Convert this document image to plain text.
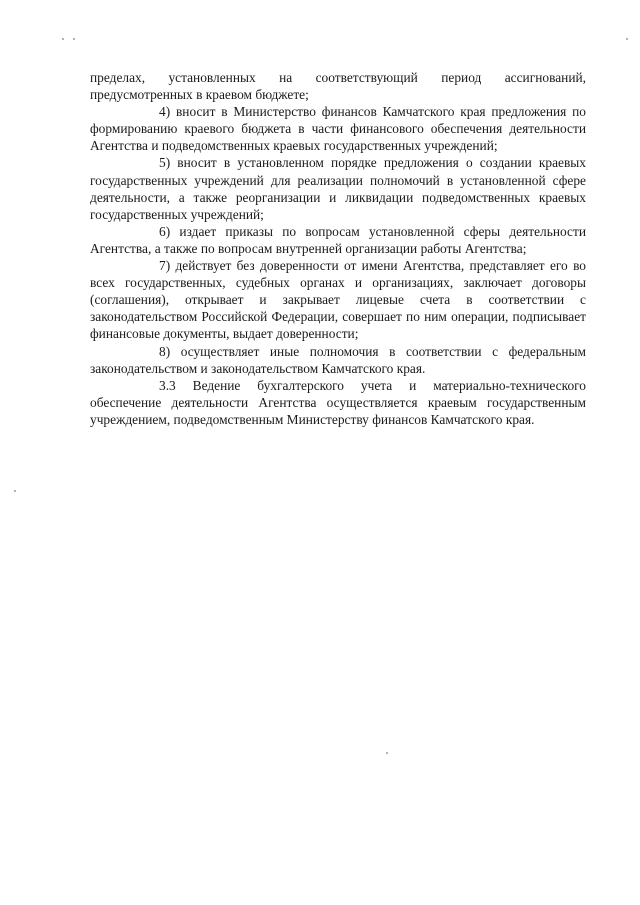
пределах, установленных на соответствующий период ассигнований, предусмотренных в краевом бюджете;

4) вносит в Министерство финансов Камчатского края предложения по формированию краевого бюджета в части финансового обеспечения деятельности Агентства и подведомственных краевых государственных учреждений;

5) вносит в установленном порядке предложения о создании краевых государственных учреждений для реализации полномочий в установленной сфере деятельности, а также реорганизации и ликвидации подведомственных краевых государственных учреждений;

6) издает приказы по вопросам установленной сферы деятельности Агентства, а также по вопросам внутренней организации работы Агентства;

7) действует без доверенности от имени Агентства, представляет его во всех государственных, судебных органах и организациях, заключает договоры (соглашения), открывает и закрывает лицевые счета в соответствии с законодательством Российской Федерации, совершает по ним операции, подписывает финансовые документы, выдает доверенности;

8) осуществляет иные полномочия в соответствии с федеральным законодательством и законодательством Камчатского края.

3.3 Ведение бухгалтерского учета и материально-технического обеспечение деятельности Агентства осуществляется краевым государственным учреждением, подведомственным Министерству финансов Камчатского края.
